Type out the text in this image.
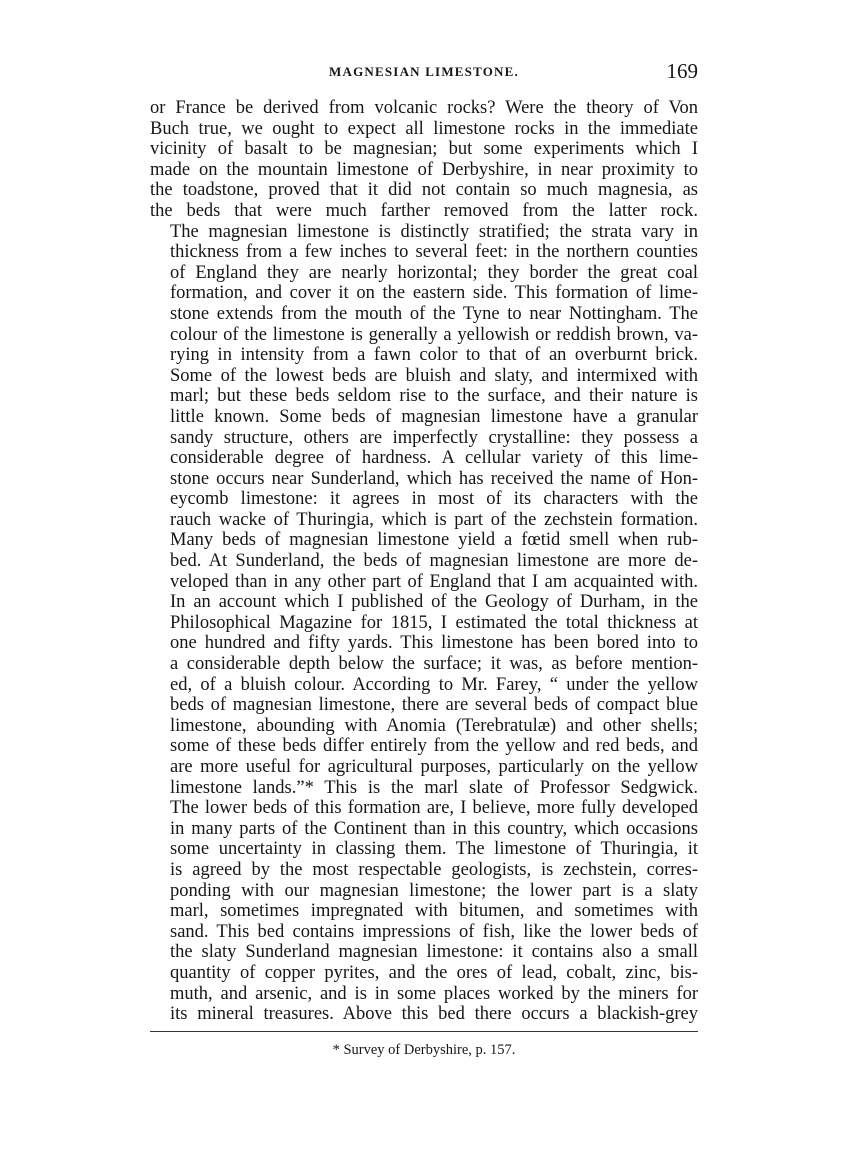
MAGNESIAN LIMESTONE.	169
or France be derived from volcanic rocks? Were the theory of Von
Buch true, we ought to expect all limestone rocks in the immediate
vicinity of basalt to be magnesian; but some experiments which I
made on the mountain limestone of Derbyshire, in near proximity to
the toadstone, proved that it did not contain so much magnesia, as
the beds that were much farther removed from the latter rock.
The magnesian limestone is distinctly stratified; the strata vary in
thickness from a few inches to several feet: in the northern counties
of England they are nearly horizontal; they border the great coal
formation, and cover it on the eastern side. This formation of lime-
stone extends from the mouth of the Tyne to near Nottingham. The
colour of the limestone is generally a yellowish or reddish brown, va-
rying in intensity from a fawn color to that of an overburnt brick.
Some of the lowest beds are bluish and slaty, and intermixed with
marl; but these beds seldom rise to the surface, and their nature is
little known. Some beds of magnesian limestone have a granular
sandy structure, others are imperfectly crystalline: they possess a
considerable degree of hardness. A cellular variety of this lime-
stone occurs near Sunderland, which has received the name of Hon-
eycomb limestone: it agrees in most of its characters with the
rauch wacke of Thuringia, which is part of the zechstein formation.
Many beds of magnesian limestone yield a fœtid smell when rub-
bed. At Sunderland, the beds of magnesian limestone are more de-
veloped than in any other part of England that I am acquainted with.
In an account which I published of the Geology of Durham, in the
Philosophical Magazine for 1815, I estimated the total thickness at
one hundred and fifty yards. This limestone has been bored into to
a considerable depth below the surface; it was, as before mention-
ed, of a bluish colour. According to Mr. Farey, “ under the yellow
beds of magnesian limestone, there are several beds of compact blue
limestone, abounding with Anomia (Terebratulæ) and other shells;
some of these beds differ entirely from the yellow and red beds, and
are more useful for agricultural purposes, particularly on the yellow
limestone lands.”* This is the marl slate of Professor Sedgwick.
The lower beds of this formation are, I believe, more fully developed
in many parts of the Continent than in this country, which occasions
some uncertainty in classing them. The limestone of Thuringia, it
is agreed by the most respectable geologists, is zechstein, corres-
ponding with our magnesian limestone; the lower part is a slaty
marl, sometimes impregnated with bitumen, and sometimes with
sand. This bed contains impressions of fish, like the lower beds of
the slaty Sunderland magnesian limestone: it contains also a small
quantity of copper pyrites, and the ores of lead, cobalt, zinc, bis-
muth, and arsenic, and is in some places worked by the miners for
its mineral treasures. Above this bed there occurs a blackish-grey
* Survey of Derbyshire, p. 157.
